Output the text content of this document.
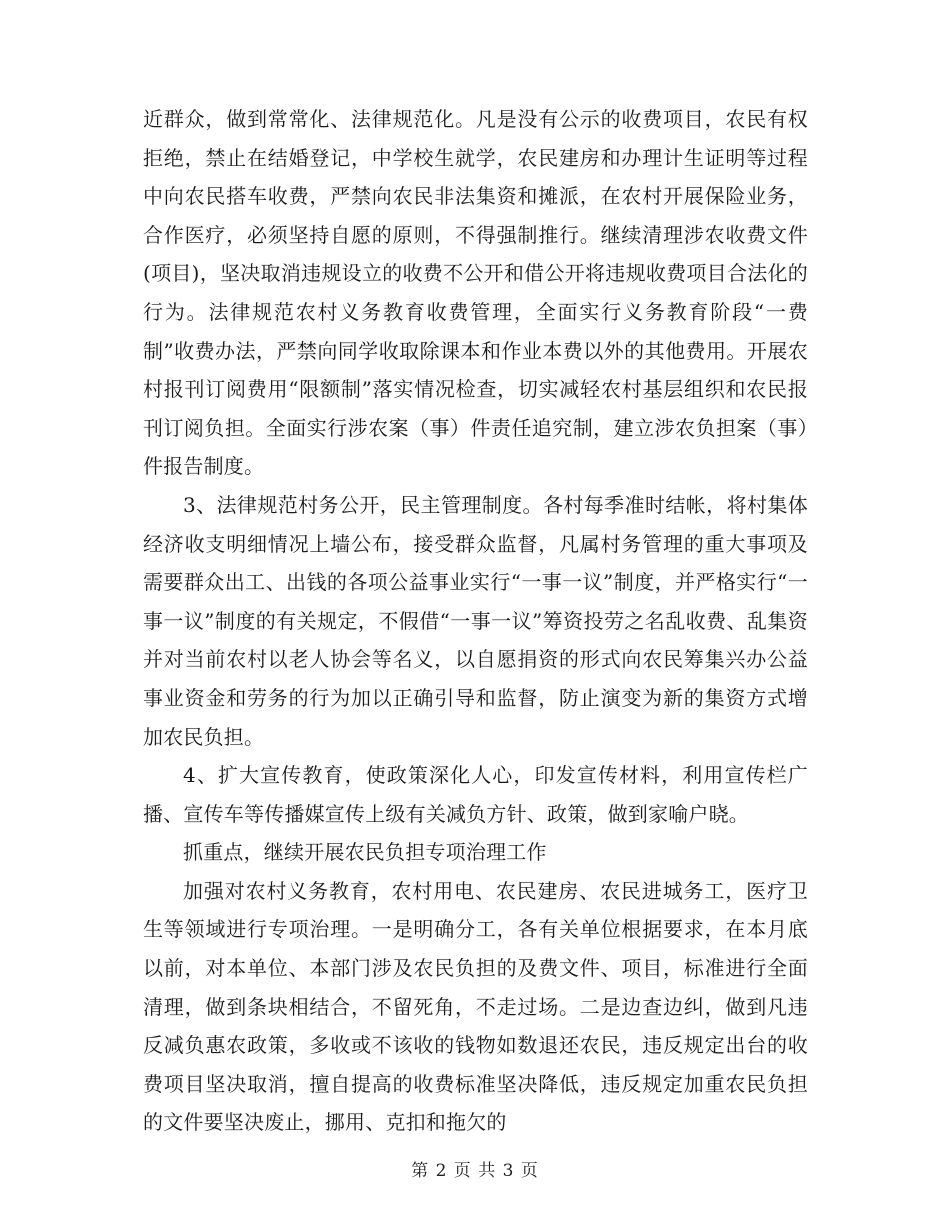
近群众，做到常常化、法律规范化。凡是没有公示的收费项目，农民有权拒绝，禁止在结婚登记，中学校生就学，农民建房和办理计生证明等过程中向农民搭车收费，严禁向农民非法集资和摊派，在农村开展保险业务，合作医疗，必须坚持自愿的原则，不得强制推行。继续清理涉农收费文件(项目)，坚决取消违规设立的收费不公开和借公开将违规收费项目合法化的行为。法律规范农村义务教育收费管理，全面实行义务教育阶段“一费制”收费办法，严禁向同学收取除课本和作业本费以外的其他费用。开展农村报刊订阅费用“限额制”落实情况检查，切实减轻农村基层组织和农民报刊订阅负担。全面实行涉农案（事）件责任追究制，建立涉农负担案（事）件报告制度。

3、法律规范村务公开，民主管理制度。各村每季准时结帐，将村集体经济收支明细情况上墙公布，接受群众监督，凡属村务管理的重大事项及需要群众出工、出钱的各项公益事业实行“一事一议”制度，并严格实行“一事一议”制度的有关规定，不假借“一事一议”筹资投劳之名乱收费、乱集资并对当前农村以老人协会等名义，以自愿捐资的形式向农民筹集兴办公益事业资金和劳务的行为加以正确引导和监督，防止演变为新的集资方式增加农民负担。

4、扩大宣传教育，使政策深化人心，印发宣传材料，利用宣传栏广播、宣传车等传播媒宣传上级有关减负方针、政策，做到家喻户晓。

抓重点，继续开展农民负担专项治理工作

加强对农村义务教育，农村用电、农民建房、农民进城务工，医疗卫生等领域进行专项治理。一是明确分工，各有关单位根据要求，在本月底以前，对本单位、本部门涉及农民负担的及费文件、项目，标准进行全面清理，做到条块相结合，不留死角，不走过场。二是边查边纠，做到凡违反减负惠农政策，多收或不该收的钱物如数退还农民，违反规定出台的收费项目坚决取消，擅自提高的收费标准坚决降低，违反规定加重农民负担的文件要坚决废止，挪用、克扣和拖欠的

第 2 页 共 3 页
